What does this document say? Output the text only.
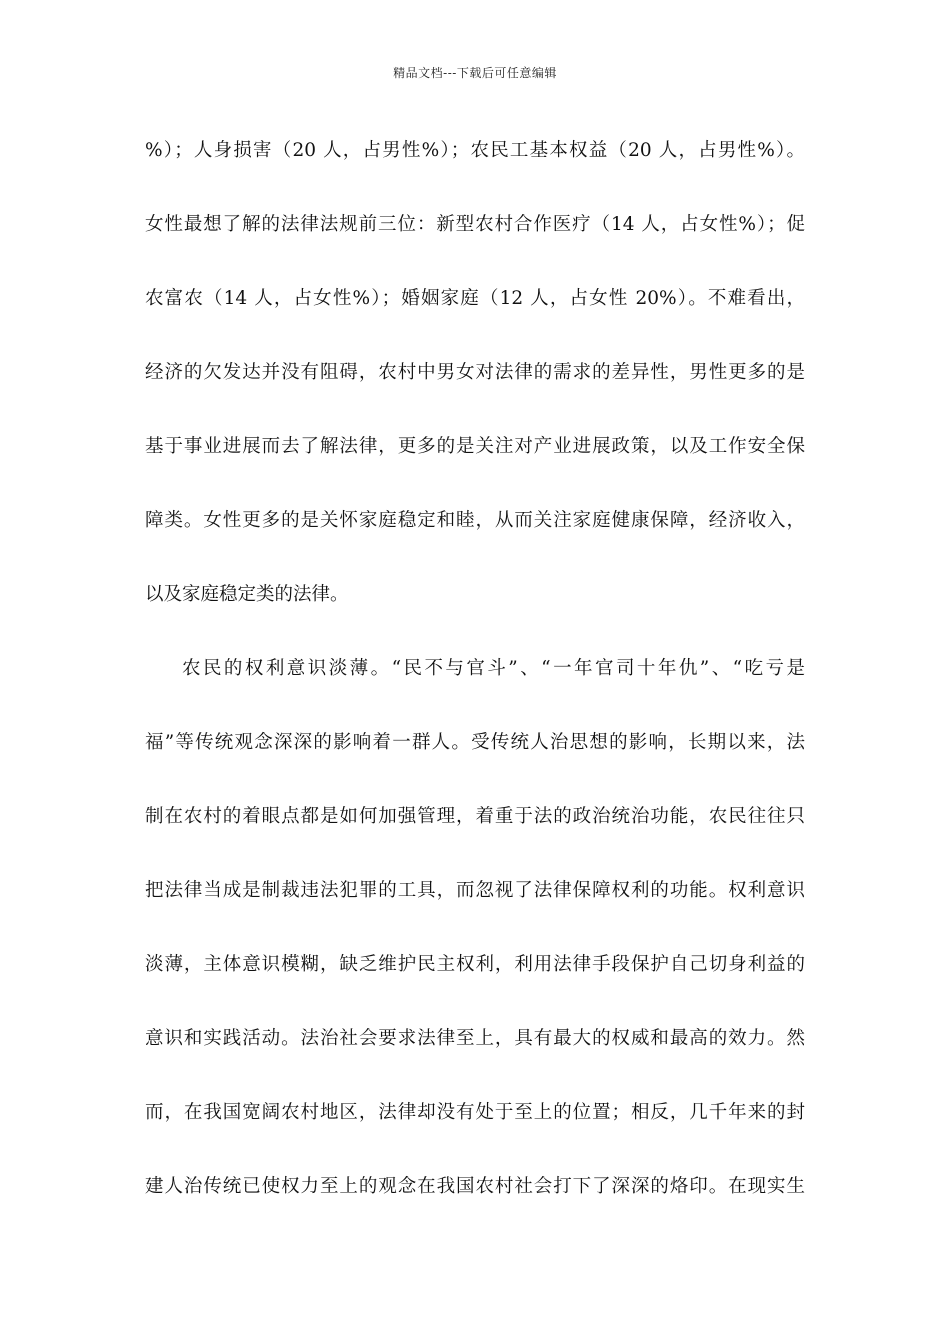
精品文档---下载后可任意编辑
%）；人身损害（20 人，占男性%）；农民工基本权益（20 人，占男性%）。
女性最想了解的法律法规前三位：新型农村合作医疗（14 人，占女性%）；促
农富农（14 人，占女性%）；婚姻家庭（12 人，占女性 20%）。不难看出，
经济的欠发达并没有阻碍，农村中男女对法律的需求的差异性，男性更多的是
基于事业进展而去了解法律，更多的是关注对产业进展政策，以及工作安全保
障类。女性更多的是关怀家庭稳定和睦，从而关注家庭健康保障，经济收入，
以及家庭稳定类的法律。
农民的权利意识淡薄。“民不与官斗”、“一年官司十年仇”、“吃亏是
福”等传统观念深深的影响着一群人。受传统人治思想的影响，长期以来，法
制在农村的着眼点都是如何加强管理，着重于法的政治统治功能，农民往往只
把法律当成是制裁违法犯罪的工具，而忽视了法律保障权利的功能。权利意识
淡薄，主体意识模糊，缺乏维护民主权利，利用法律手段保护自己切身利益的
意识和实践活动。法治社会要求法律至上，具有最大的权威和最高的效力。然
而，在我国宽阔农村地区，法律却没有处于至上的位置；相反，几千年来的封
建人治传统已使权力至上的观念在我国农村社会打下了深深的烙印。在现实生
